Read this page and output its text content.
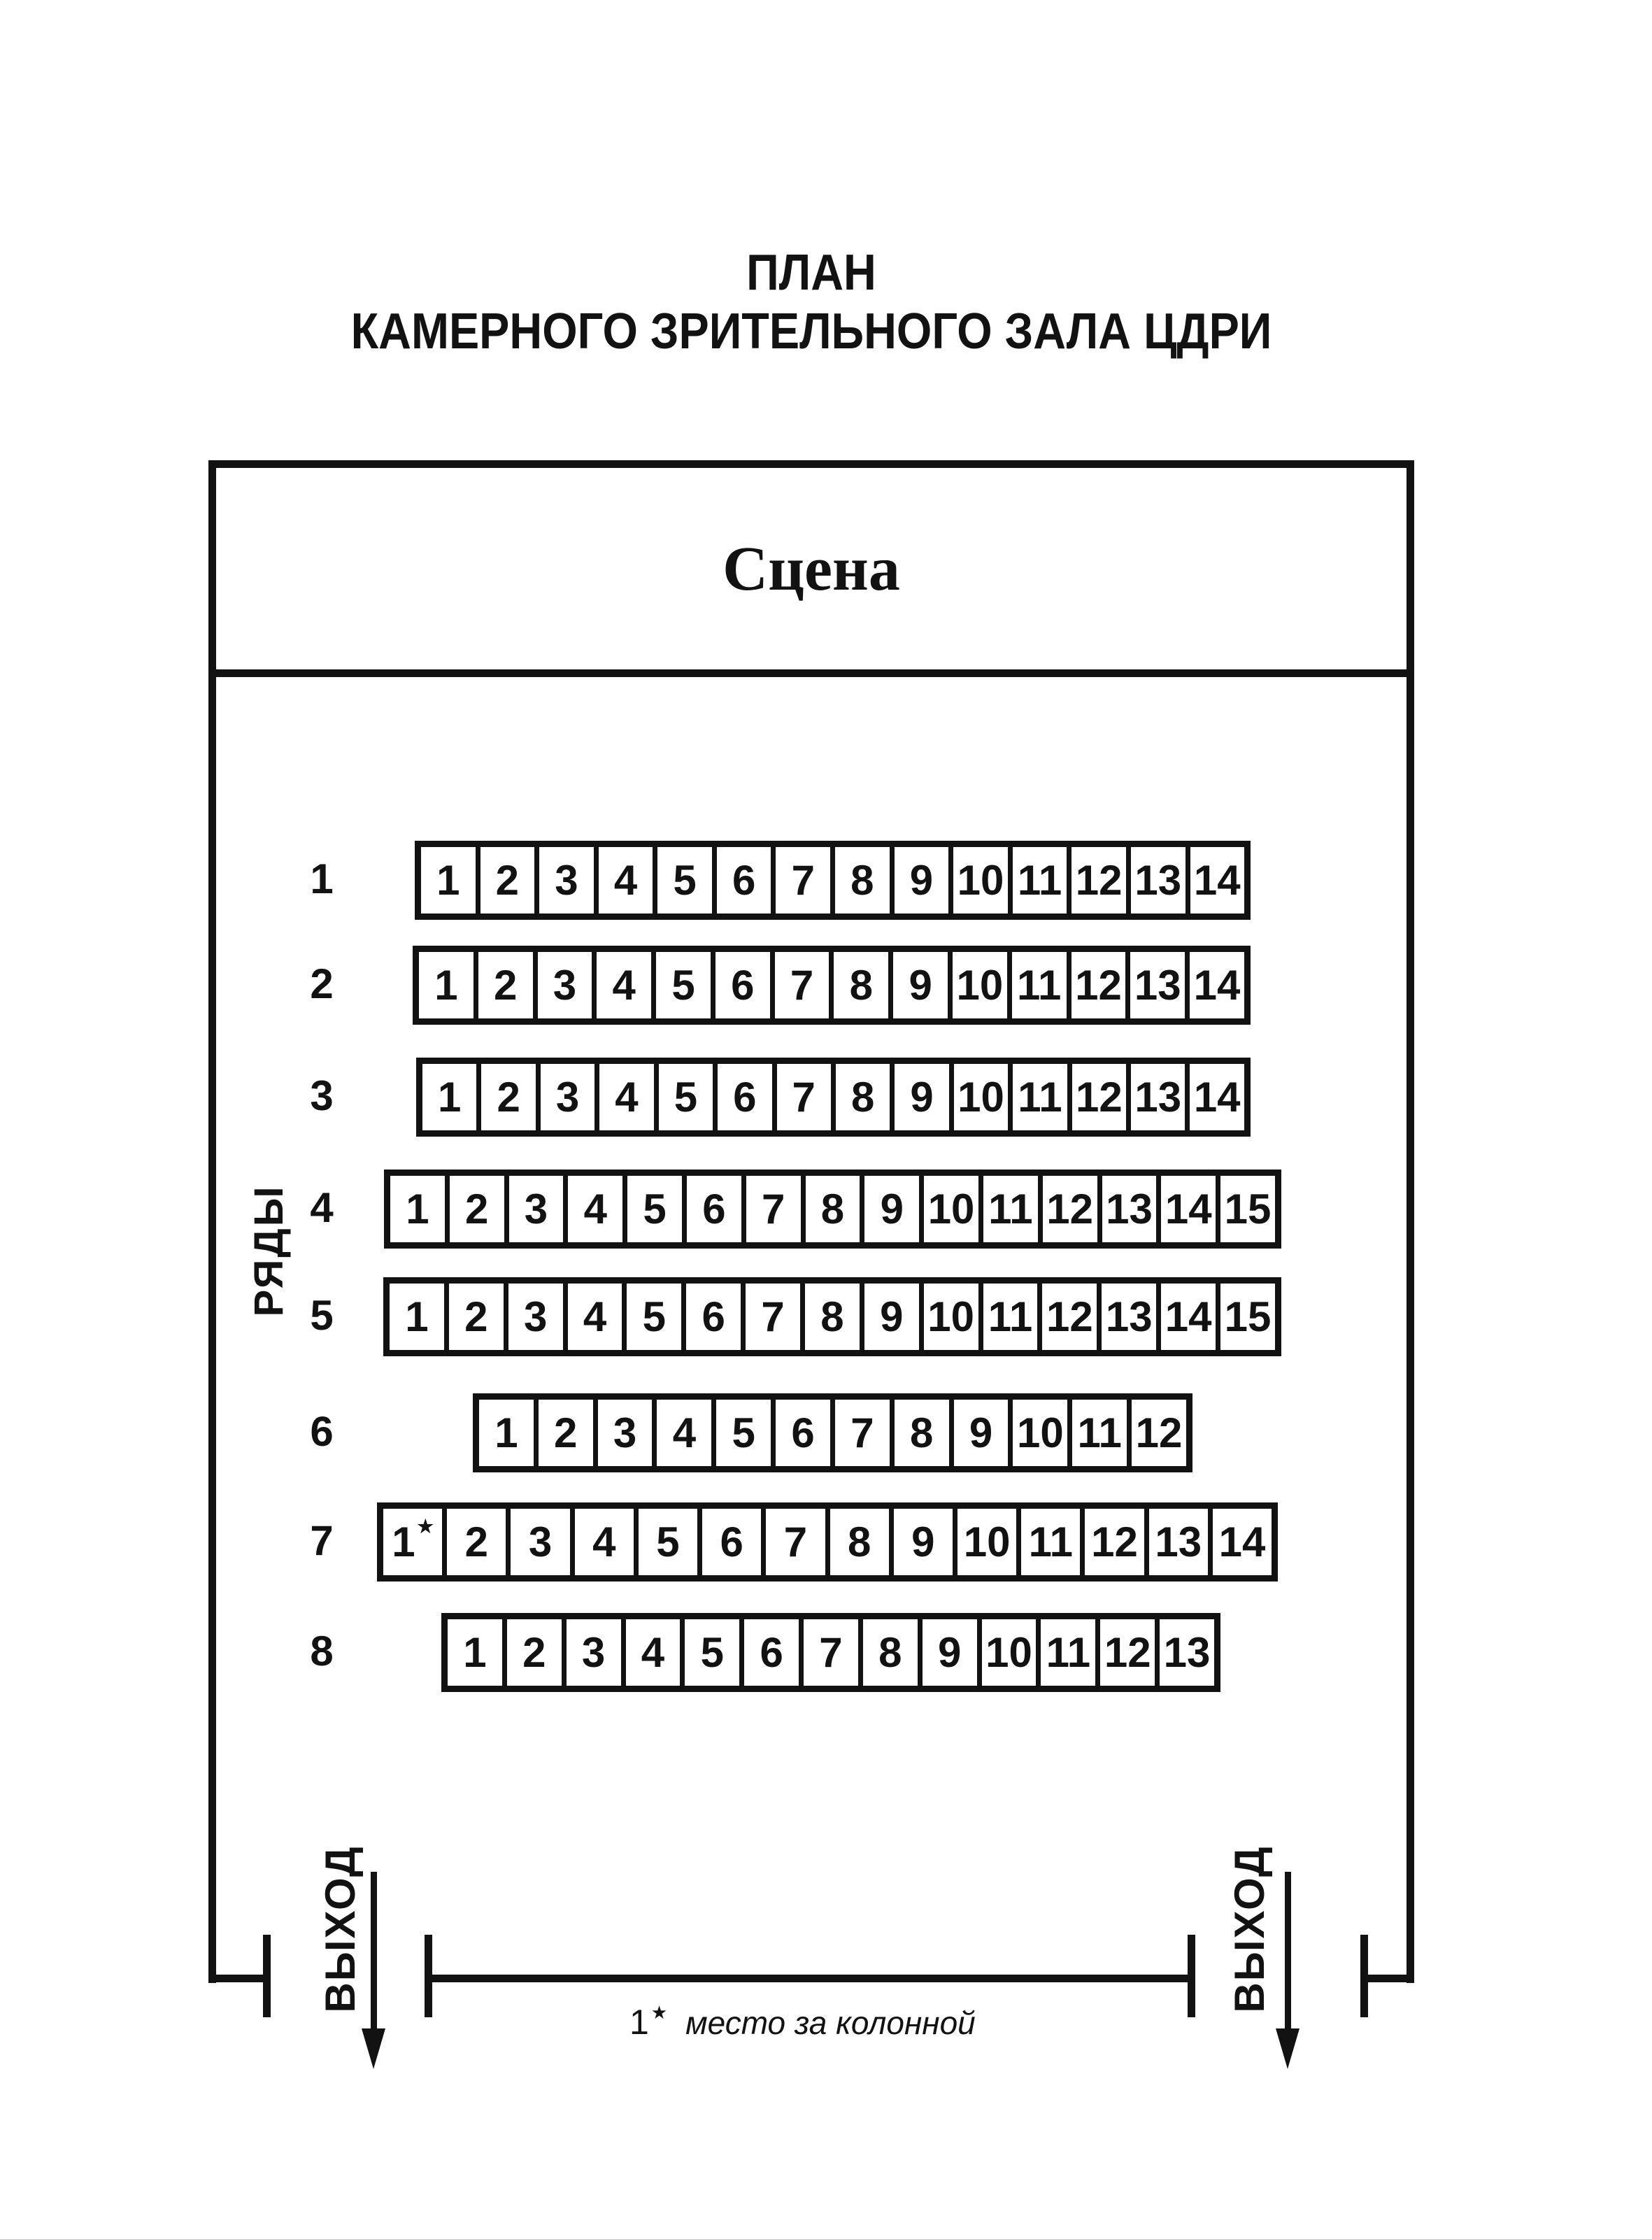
ПЛАН
КАМЕРНОГО ЗРИТЕЛЬНОГО ЗАЛА ЦДРИ
Сцена
1	1 2 3 4 5 6 7 8 9 10 11 12 13 14
2	1 2 3 4 5 6 7 8 9 10 11 12 13 14
3	1 2 3 4 5 6 7 8 9 10 11 12 13 14
4	1 2 3 4 5 6 7 8 9 10 11 12 13 14 15
5	1 2 3 4 5 6 7 8 9 10 11 12 13 14 15
6	1 2 3 4 5 6 7 8 9 10 11 12
7	1 ★ 2 3 4 5 6 7 8 9 10 11 12 13 14
8	1 2 3 4 5 6 7 8 9 10 11 12 13
РЯДЫ
ВЫХОД	ВЫХОД
1 ★ место за колонной
